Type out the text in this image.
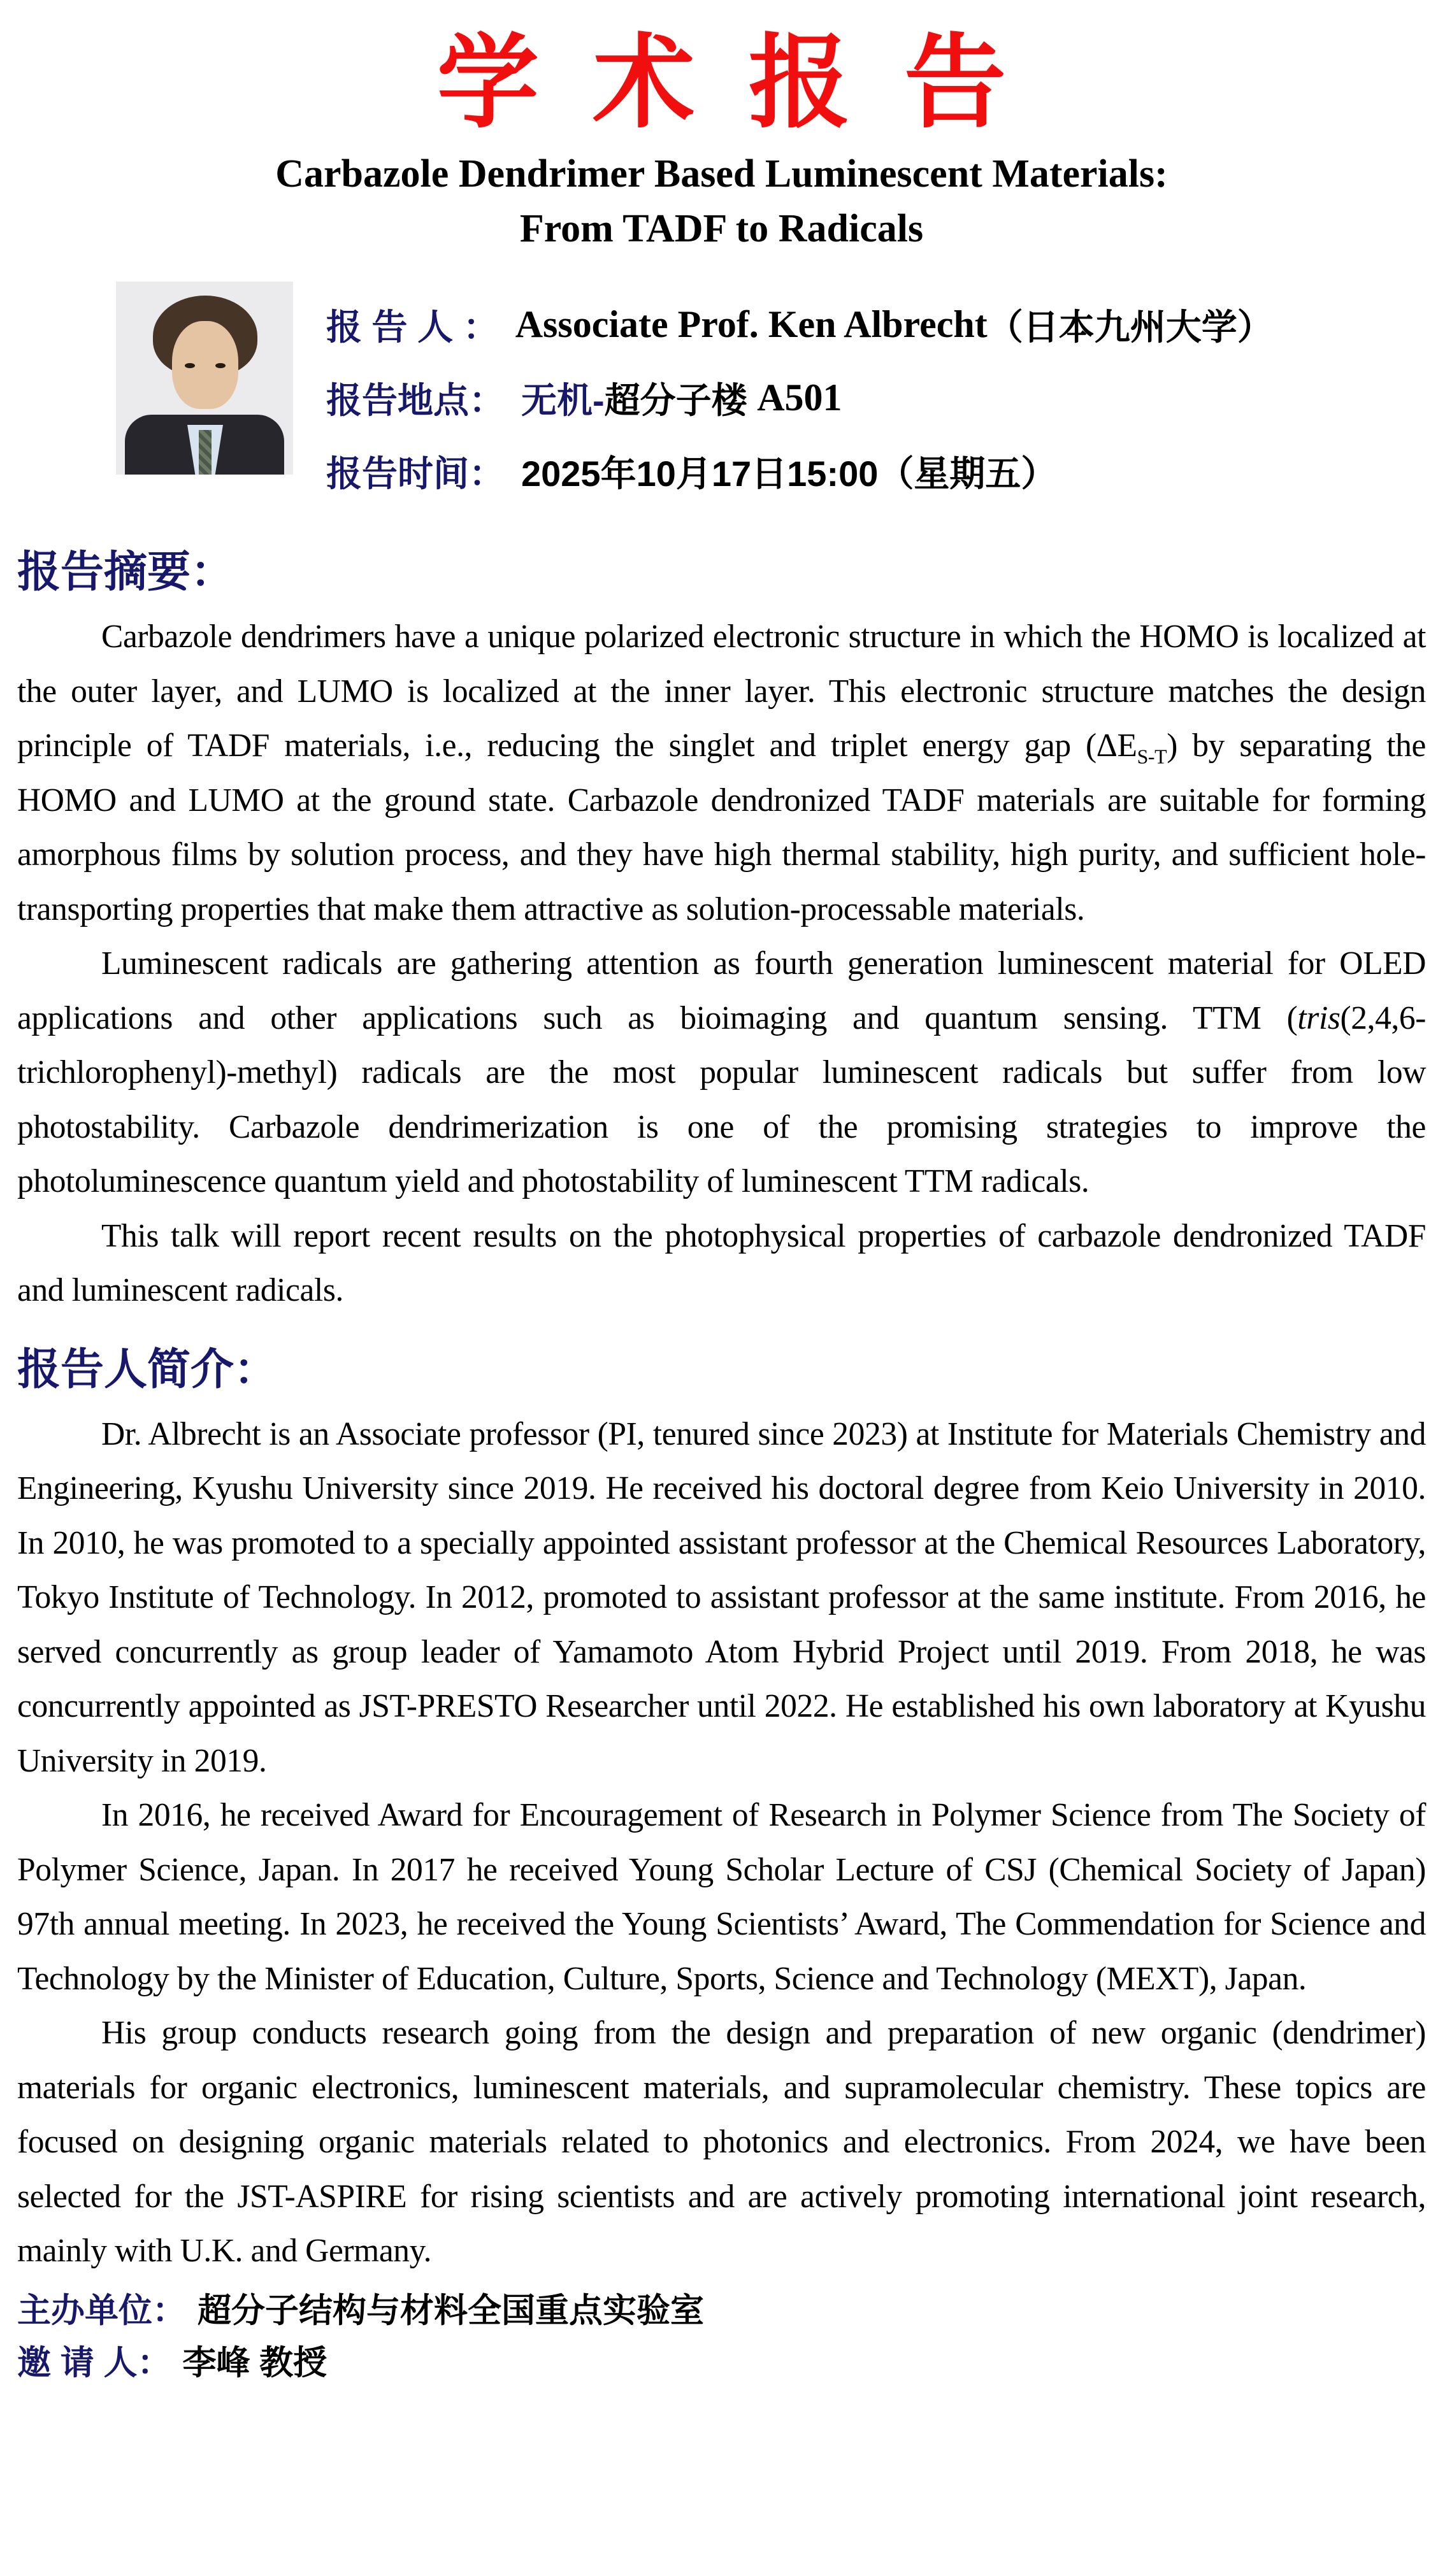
学 术 报 告
Carbazole Dendrimer Based Luminescent Materials:
From TADF to Radicals
报 告 人 ： Associate Prof. Ken Albrecht （日本九州大学）
报告地点： 无机- 超分子楼 A501
报告时间： 2025年10月17日15:00（星期五）
报告摘要：

Carbazole dendrimers have a unique polarized electronic structure in which the HOMO is localized at the outer layer, and LUMO is localized at the inner layer. This electronic structure matches the design principle of TADF materials, i.e., reducing the singlet and triplet energy gap $(\Delta E_{S-T})$ by separating the HOMO and LUMO at the ground state. Carbazole dendronized TADF materials are suitable for forming amorphous films by solution process, and they have high thermal stability, high purity, and sufficient hole-transporting properties that make them attractive as solution-processable materials.

Luminescent radicals are gathering attention as fourth generation luminescent material for OLED applications and other applications such as bioimaging and quantum sensing. TTM (tris(2,4,6-trichlorophenyl)-methyl) radicals are the most popular luminescent radicals but suffer from low photostability. Carbazole dendrimerization is one of the promising strategies to improve the photoluminescence quantum yield and photostability of luminescent TTM radicals.

This talk will report recent results on the photophysical properties of carbazole dendronized TADF and luminescent radicals.

报告人简介：

Dr. Albrecht is an Associate professor (PI, tenured since 2023) at Institute for Materials Chemistry and Engineering, Kyushu University since 2019. He received his doctoral degree from Keio University in 2010. In 2010, he was promoted to a specially appointed assistant professor at the Chemical Resources Laboratory, Tokyo Institute of Technology. In 2012, promoted to assistant professor at the same institute. From 2016, he served concurrently as group leader of Yamamoto Atom Hybrid Project until 2019. From 2018, he was concurrently appointed as JST-PRESTO Researcher until 2022. He established his own laboratory at Kyushu University in 2019.

In 2016, he received Award for Encouragement of Research in Polymer Science from The Society of Polymer Science, Japan. In 2017 he received Young Scholar Lecture of CSJ (Chemical Society of Japan) 97th annual meeting. In 2023, he received the Young Scientists’ Award, The Commendation for Science and Technology by the Minister of Education, Culture, Sports, Science and Technology (MEXT), Japan.

His group conducts research going from the design and preparation of new organic (dendrimer) materials for organic electronics, luminescent materials, and supramolecular chemistry. These topics are focused on designing organic materials related to photonics and electronics. From 2024, we have been selected for the JST-ASPIRE for rising scientists and are actively promoting international joint research, mainly with U.K. and Germany.

主办单位： 超分子结构与材料全国重点实验室
邀 请 人： 李峰 教授
